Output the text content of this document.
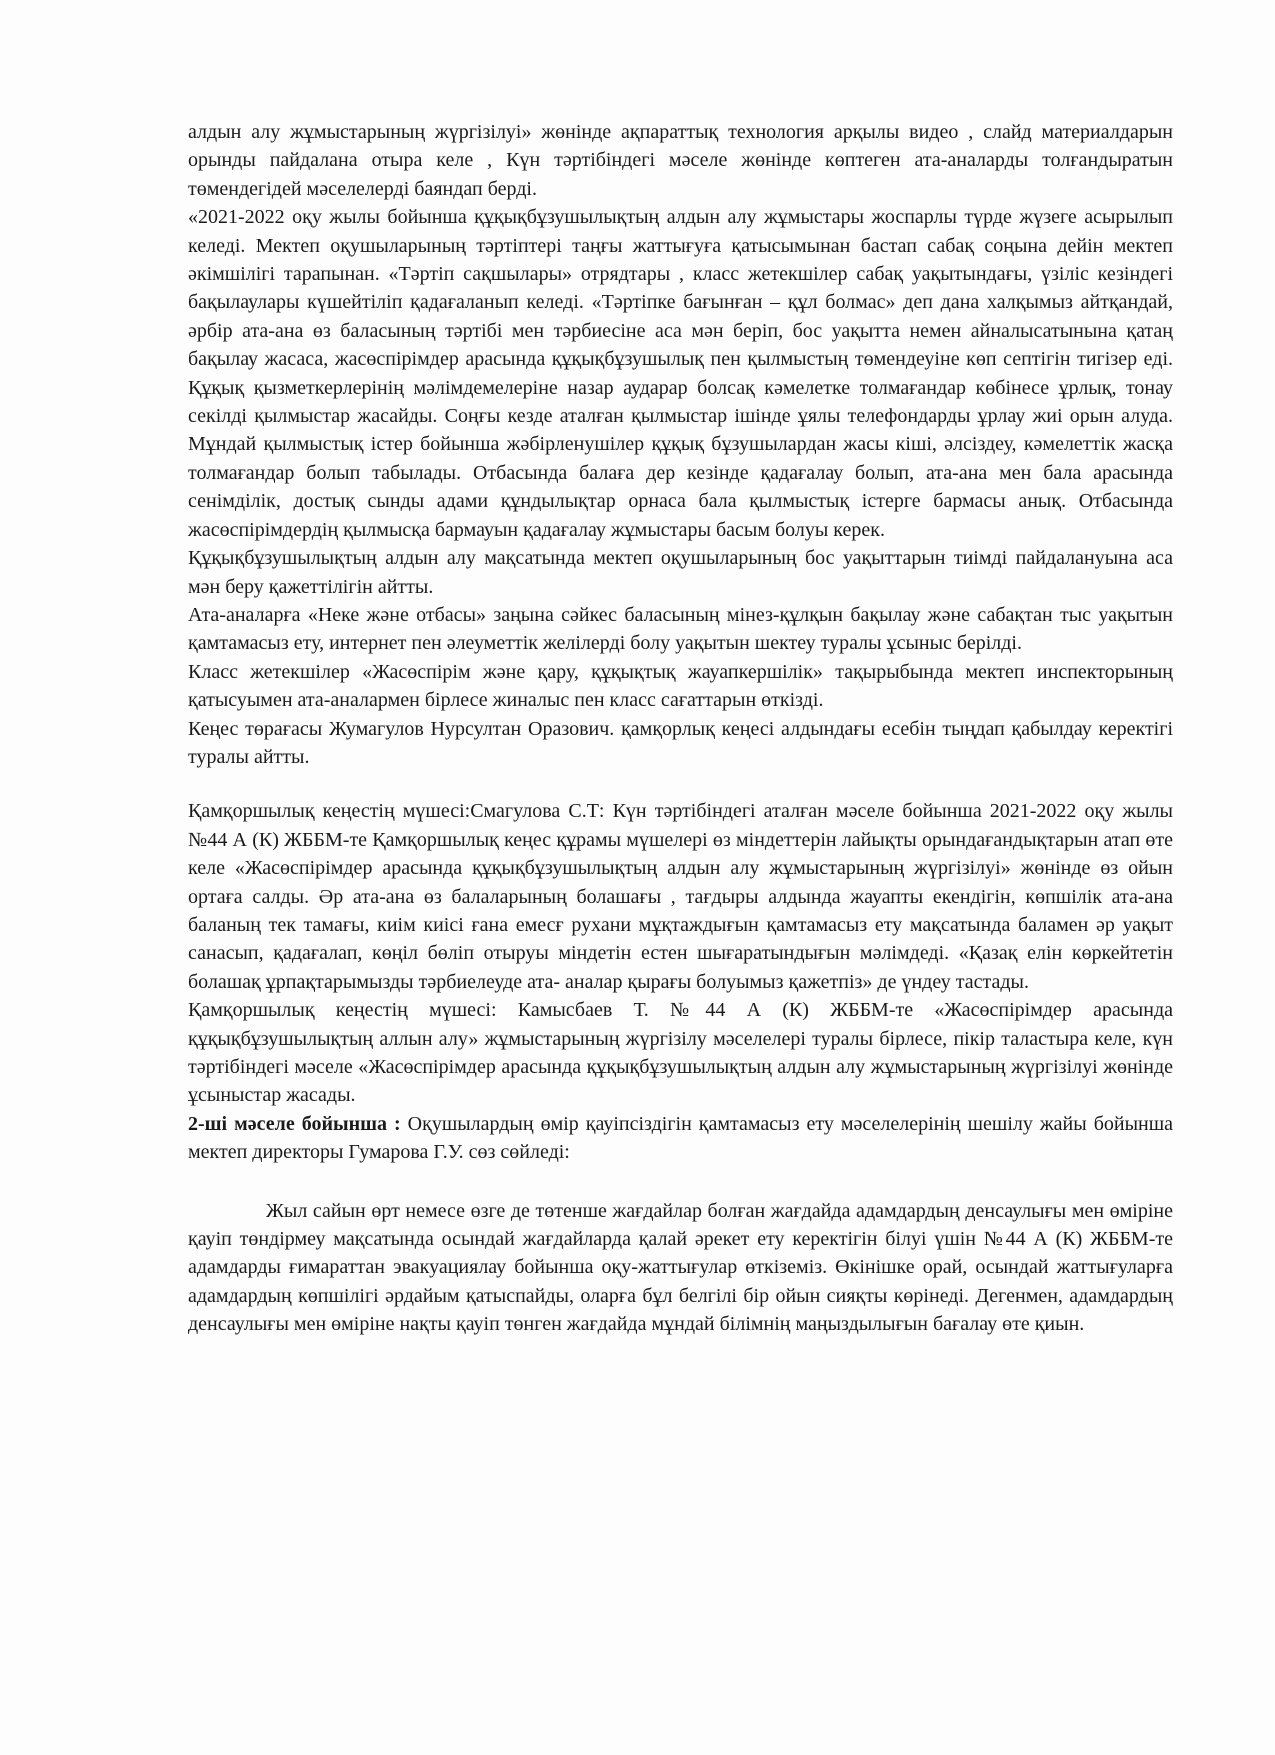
алдын алу жұмыстарының жүргізілуі» жөнінде ақпараттық технология арқылы видео , слайд материалдарын орынды пайдалана отыра келе , Күн тәртібіндегі мәселе жөнінде көптеген ата-аналарды толғандыратын төмендегідей мәселелерді баяндап берді.

«2021-2022 оқу жылы бойынша құқықбұзушылықтың алдын алу жұмыстары жоспарлы түрде жүзеге асырылып келеді. Мектеп оқушыларының тәртіптері таңғы жаттығуға қатысымынан бастап сабақ соңына дейін мектеп әкімшілігі тарапынан. «Тәртіп сақшылары» отрядтары , класс жетекшілер сабақ уақытындағы, үзіліс кезіндегі бақылаулары күшейтіліп қадағаланып келеді. «Тәртіпке бағынған – құл болмас» деп дана халқымыз айтқандай, әрбір ата-ана өз баласының тәртібі мен тәрбиесіне аса мән беріп, бос уақытта немен айналысатынына қатаң бақылау жасаса, жасөспірімдер арасында құқықбұзушылық пен қылмыстың төмендеуіне көп септігін тигізер еді. Құқық қызметкерлерінің мәлімдемелеріне назар аударар болсақ кәмелетке толмағандар көбінесе ұрлық, тонау секілді қылмыстар жасайды. Соңғы кезде аталған қылмыстар ішінде ұялы телефондарды ұрлау жиі орын алуда. Мұндай қылмыстық істер бойынша жәбірленушілер құқық бұзушылардан жасы кіші, әлсіздеу, кәмелеттік жасқа толмағандар болып табылады. Отбасында балаға дер кезінде қадағалау болып, ата-ана мен бала арасында сенімділік, достық сынды адами құндылықтар орнаса бала қылмыстық істерге бармасы анық. Отбасында жасөспірімдердің қылмысқа бармауын қадағалау жұмыстары басым болуы керек.

Құқықбұзушылықтың алдын алу мақсатында мектеп оқушыларының бос уақыттарын тиімді пайдалануына аса мән беру қажеттілігін айтты.

Ата-аналарға «Неке және отбасы» заңына сәйкес баласының мінез-құлқын бақылау және сабақтан тыс уақытын қамтамасыз ету, интернет пен әлеуметтік желілерді болу уақытын шектеу туралы ұсыныс берілді.

Класс жетекшілер «Жасөспірім және қару, құқықтық жауапкершілік» тақырыбында мектеп инспекторының қатысуымен ата-аналармен бірлесе жиналыс пен класс сағаттарын өткізді.

Кеңес төрағасы Жумагулов Нурсултан Оразович. қамқорлық кеңесі алдындағы есебін тыңдап қабылдау керектігі туралы айтты.

Қамқоршылық кеңестің мүшесі:Смагулова С.Т: Күн тәртібіндегі аталған мәселе бойынша 2021-2022 оқу жылы №44 А (К) ЖББМ-те Қамқоршылық кеңес құрамы мүшелері өз міндеттерін лайықты орындағандықтарын атап өте келе «Жасөспірімдер арасында құқықбұзушылықтың алдын алу жұмыстарының жүргізілуі» жөнінде өз ойын ортаға салды. Әр ата-ана өз балаларының болашағы , тағдыры алдында жауапты екендігін, көпшілік ата-ана баланың тек тамағы, киім киісі ғана емесғ рухани мұқтаждығын қамтамасыз ету мақсатында баламен әр уақыт санасып, қадағалап, көңіл бөліп отыруы міндетін естен шығаратындығын мәлімдеді. «Қазақ елін көркейтетін болашақ ұрпақтарымызды тәрбиелеуде ата- аналар қырағы болуымыз қажетпіз» де үндеу тастады.

Қамқоршылық кеңестің мүшесі: Камысбаев Т. №44 А (К) ЖББМ-те «Жасөспірімдер арасында құқықбұзушылықтың аллын алу» жұмыстарының жүргізілу мәселелері туралы бірлесе, пікір таластыра келе, күн тәртібіндегі мәселе «Жасөспірімдер арасында құқықбұзушылықтың алдын алу жұмыстарының жүргізілуі жөнінде ұсыныстар жасады.

2-ші мәселе бойынша : Оқушылардың өмір қауіпсіздігін қамтамасыз ету мәселелерінің шешілу жайы бойынша мектеп директоры Гумарова Г.У. сөз сөйледі:

Жыл сайын өрт немесе өзге де төтенше жағдайлар болған жағдайда адамдардың денсаулығы мен өміріне қауіп төндірмеу мақсатында осындай жағдайларда қалай әрекет ету керектігін білуі үшін №44 А (К) ЖББМ-те адамдарды ғимараттан эвакуациялау бойынша оқу-жаттығулар өткіземіз. Өкінішке орай, осындай жаттығуларға адамдардың көпшілігі әрдайым қатыспайды, оларға бұл белгілі бір ойын сияқты көрінеді. Дегенмен, адамдардың денсаулығы мен өміріне нақты қауіп төнген жағдайда мұндай білімнің маңыздылығын бағалау өте қиын.
